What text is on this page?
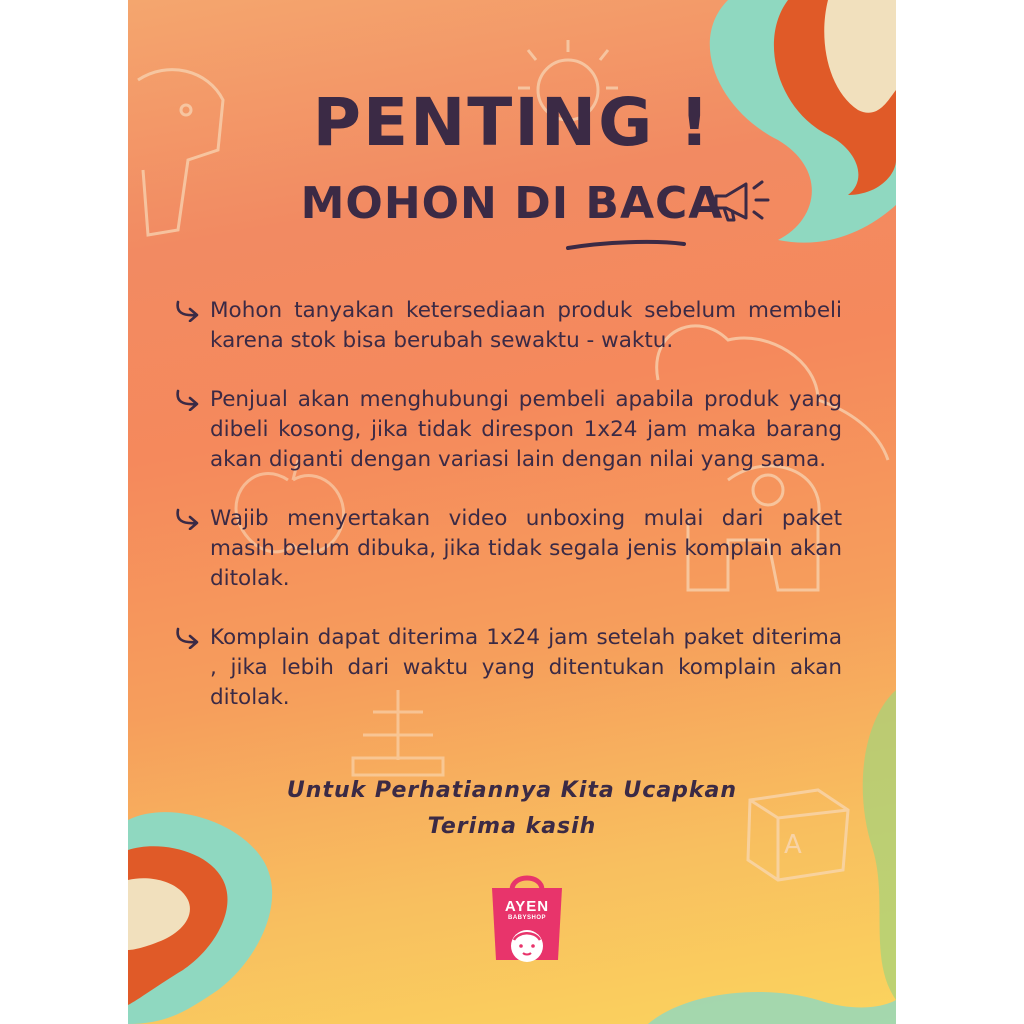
A
PENTING !
MOHON DI BACA
Mohon tanyakan ketersediaan produk sebelum membeli karena stok bisa berubah sewaktu - waktu.
Penjual akan menghubungi pembeli apabila produk yang dibeli kosong, jika tidak direspon 1x24 jam maka barang akan diganti dengan variasi lain dengan nilai yang sama.
Wajib menyertakan video unboxing mulai dari paket masih belum dibuka, jika tidak segala jenis komplain akan ditolak.
Komplain dapat diterima 1x24 jam setelah paket diterima , jika lebih dari waktu yang ditentukan komplain akan ditolak.
Untuk Perhatiannya Kita Ucapkan
Terima kasih
AYEN
BABYSHOP
